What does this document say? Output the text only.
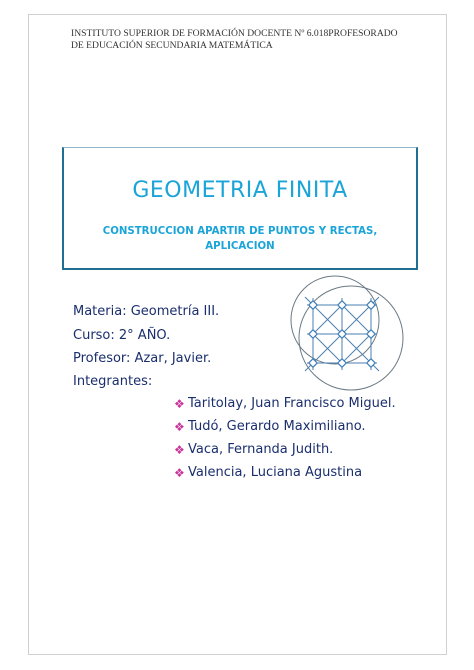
INSTITUTO SUPERIOR DE FORMACIÓN DOCENTE Nº 6.018PROFESORADO DE EDUCACIÓN SECUNDARIA MATEMÁTICA
GEOMETRIA FINITA
CONSTRUCCION APARTIR DE PUNTOS Y RECTAS,
APLICACION
Materia: Geometría III.
Curso: 2° AÑO.
Profesor: Azar, Javier.
Integrantes:
❖ Taritolay, Juan Francisco Miguel.
❖ Tudó, Gerardo Maximiliano.
❖ Vaca, Fernanda Judith.
❖ Valencia, Luciana Agustina
